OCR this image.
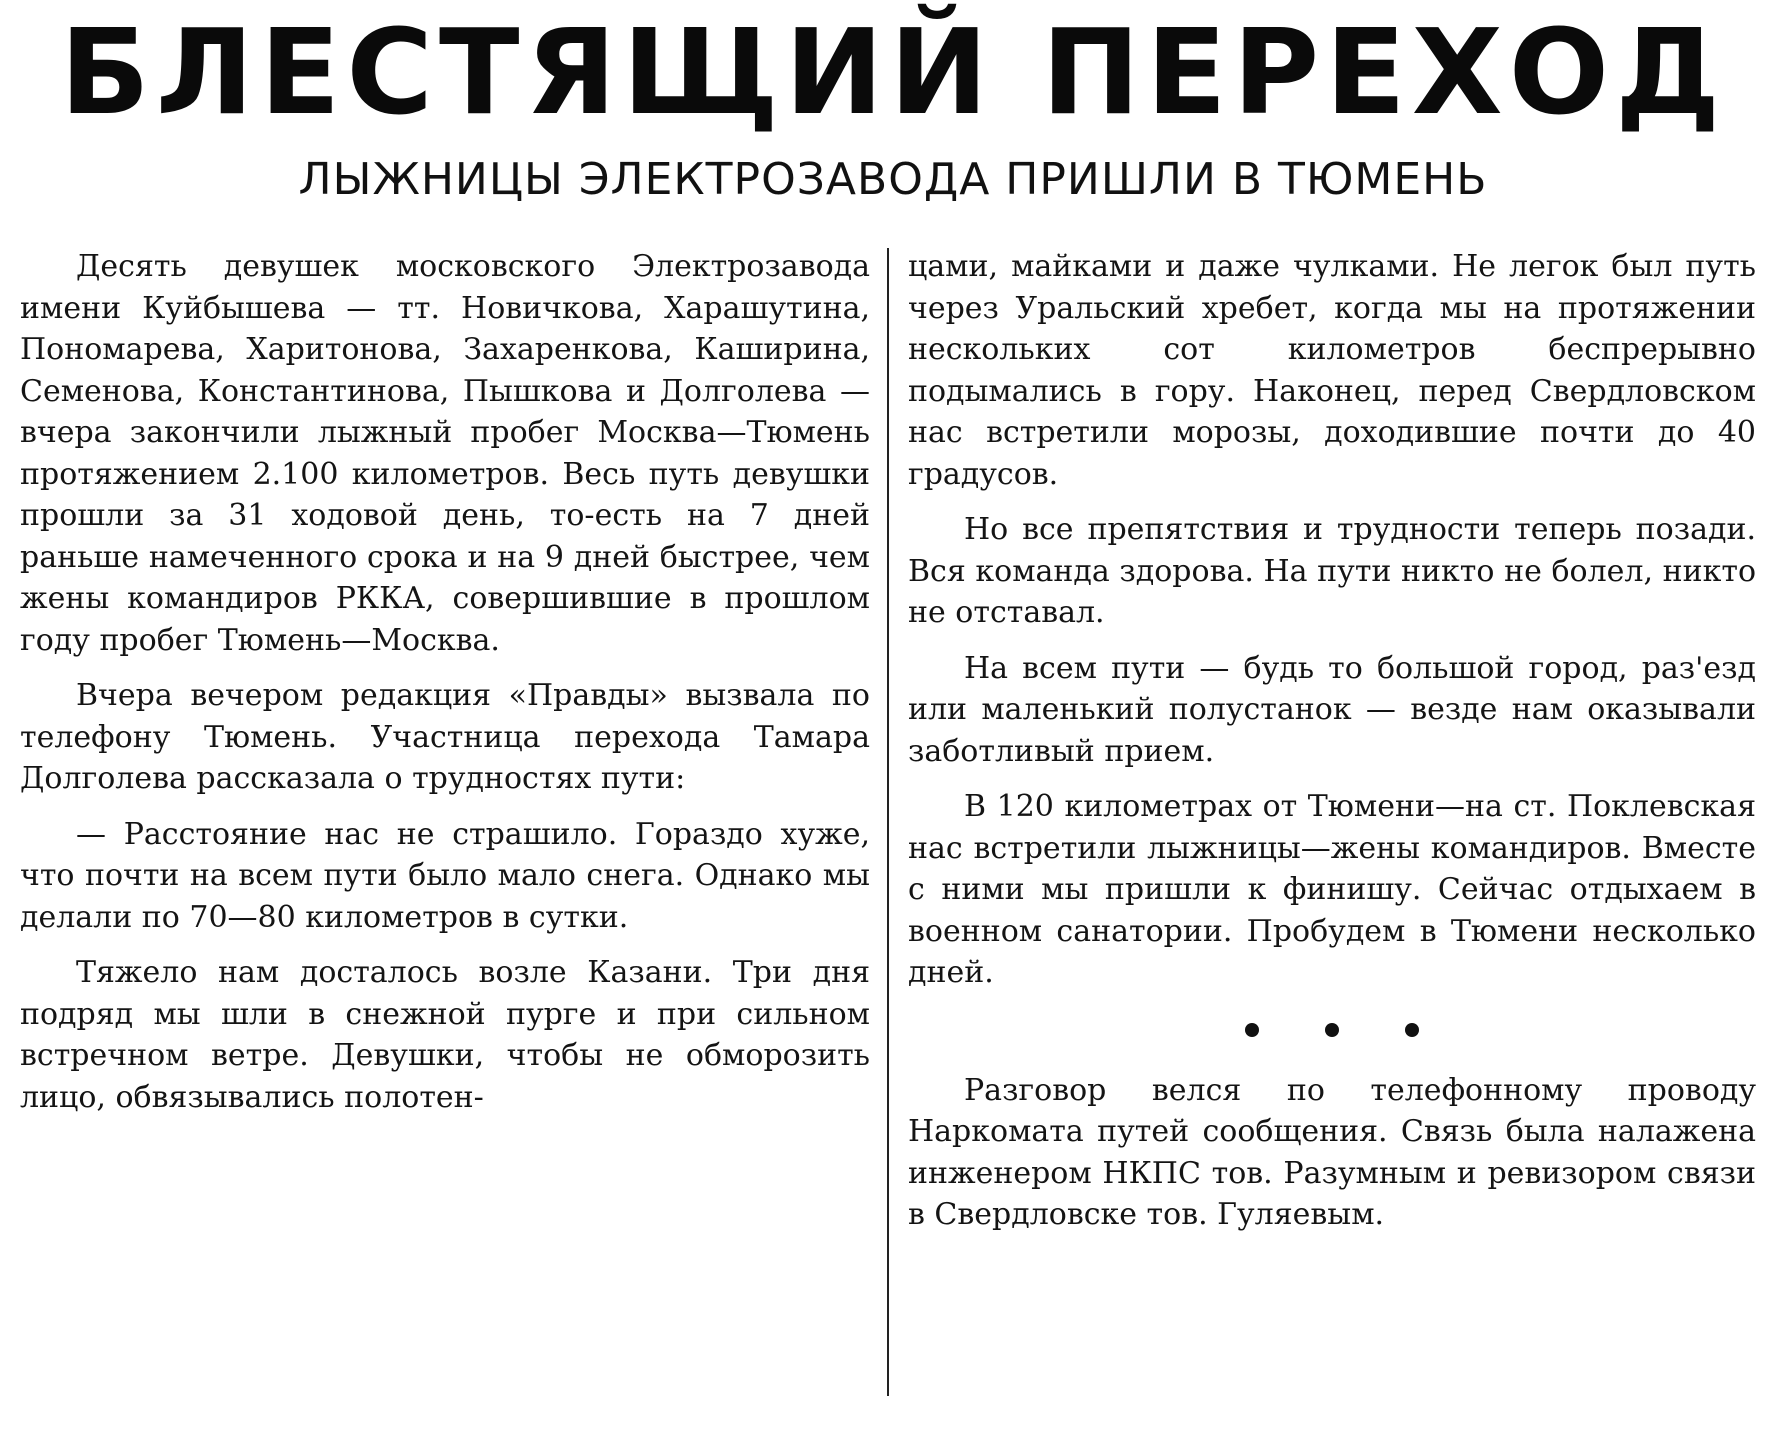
БЛЕСТЯЩИЙ ПЕРЕХОД
ЛЫЖНИЦЫ ЭЛЕКТРОЗАВОДА ПРИШЛИ В ТЮМЕНЬ

Десять девушек московского Электрозавода имени Куйбышева — тт. Новичкова, Харашутина, Пономарева, Харитонова, Захаренкова, Каширина, Семенова, Константинова, Пышкова и Долголева — вчера закончили лыжный пробег Москва—Тюмень протяжением 2.100 километров. Весь путь девушки прошли за 31 ходовой день, то-есть на 7 дней раньше намеченного срока и на 9 дней быстрее, чем жены командиров РККА, совершившие в прошлом году пробег Тюмень—Москва.

Вчера вечером редакция «Правды» вызвала по телефону Тюмень. Участница перехода Тамара Долголева рассказала о трудностях пути:

— Расстояние нас не страшило. Гораздо хуже, что почти на всем пути было мало снега. Однако мы делали по 70—80 километров в сутки.

Тяжело нам досталось возле Казани. Три дня подряд мы шли в снежной пурге и при сильном встречном ветре. Девушки, чтобы не обморозить лицо, обвязывались полотен-

цами, майками и даже чулками. Не легок был путь через Уральский хребет, когда мы на протяжении нескольких сот километров беспрерывно подымались в гору. Наконец, перед Свердловском нас встретили морозы, доходившие почти до 40 градусов.

Но все препятствия и трудности теперь позади. Вся команда здорова. На пути никто не болел, никто не отставал.

На всем пути — будь то большой город, раз'езд или маленький полустанок — везде нам оказывали заботливый прием.

В 120 километрах от Тюмени—на ст. Поклевская нас встретили лыжницы—жены командиров. Вместе с ними мы пришли к финишу. Сейчас отдыхаем в военном санатории. Пробудем в Тюмени несколько дней.

Разговор велся по телефонному проводу Наркомата путей сообщения. Связь была налажена инженером НКПС тов. Разумным и ревизором связи в Свердловске тов. Гуляевым.
